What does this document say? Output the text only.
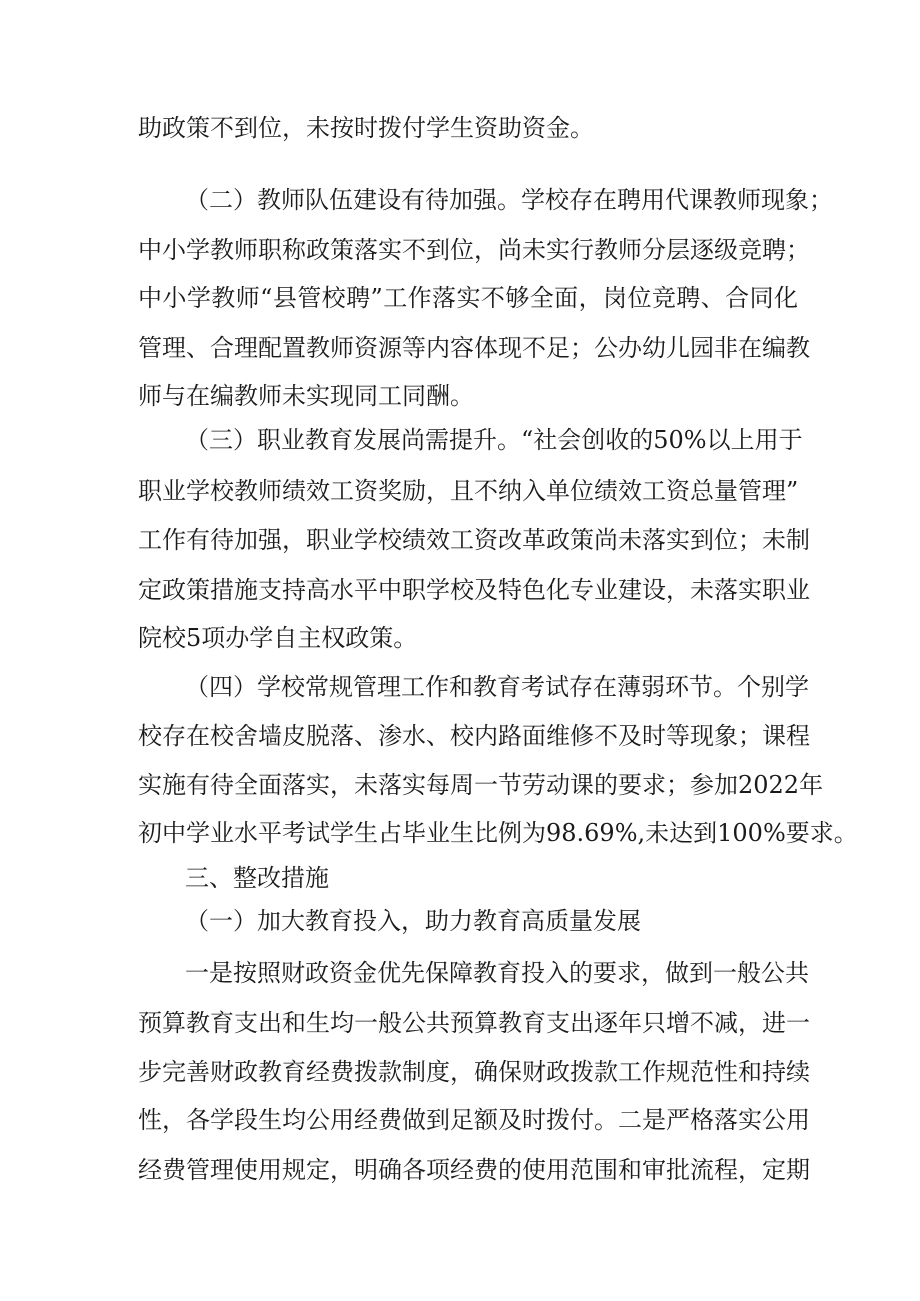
助政策不到位，未按时拨付学生资助资金。
（二）教师队伍建设有待加强。学校存在聘用代课教师现象；
中小学教师职称政策落实不到位，尚未实行教师分层逐级竞聘；
中小学教师“县管校聘”工作落实不够全面，岗位竞聘、合同化
管理、合理配置教师资源等内容体现不足；公办幼儿园非在编教
师与在编教师未实现同工同酬。
（三）职业教育发展尚需提升。“社会创收的50%以上用于
职业学校教师绩效工资奖励，且不纳入单位绩效工资总量管理”
工作有待加强，职业学校绩效工资改革政策尚未落实到位；未制
定政策措施支持高水平中职学校及特色化专业建设，未落实职业
院校5项办学自主权政策。
（四）学校常规管理工作和教育考试存在薄弱环节。个别学
校存在校舍墙皮脱落、渗水、校内路面维修不及时等现象；课程
实施有待全面落实，未落实每周一节劳动课的要求；参加2022年
初中学业水平考试学生占毕业生比例为98.69%,未达到100%要求。
三、整改措施
（一）加大教育投入，助力教育高质量发展
一是按照财政资金优先保障教育投入的要求，做到一般公共
预算教育支出和生均一般公共预算教育支出逐年只增不减，进一
步完善财政教育经费拨款制度，确保财政拨款工作规范性和持续
性，各学段生均公用经费做到足额及时拨付。二是严格落实公用
经费管理使用规定，明确各项经费的使用范围和审批流程，定期
